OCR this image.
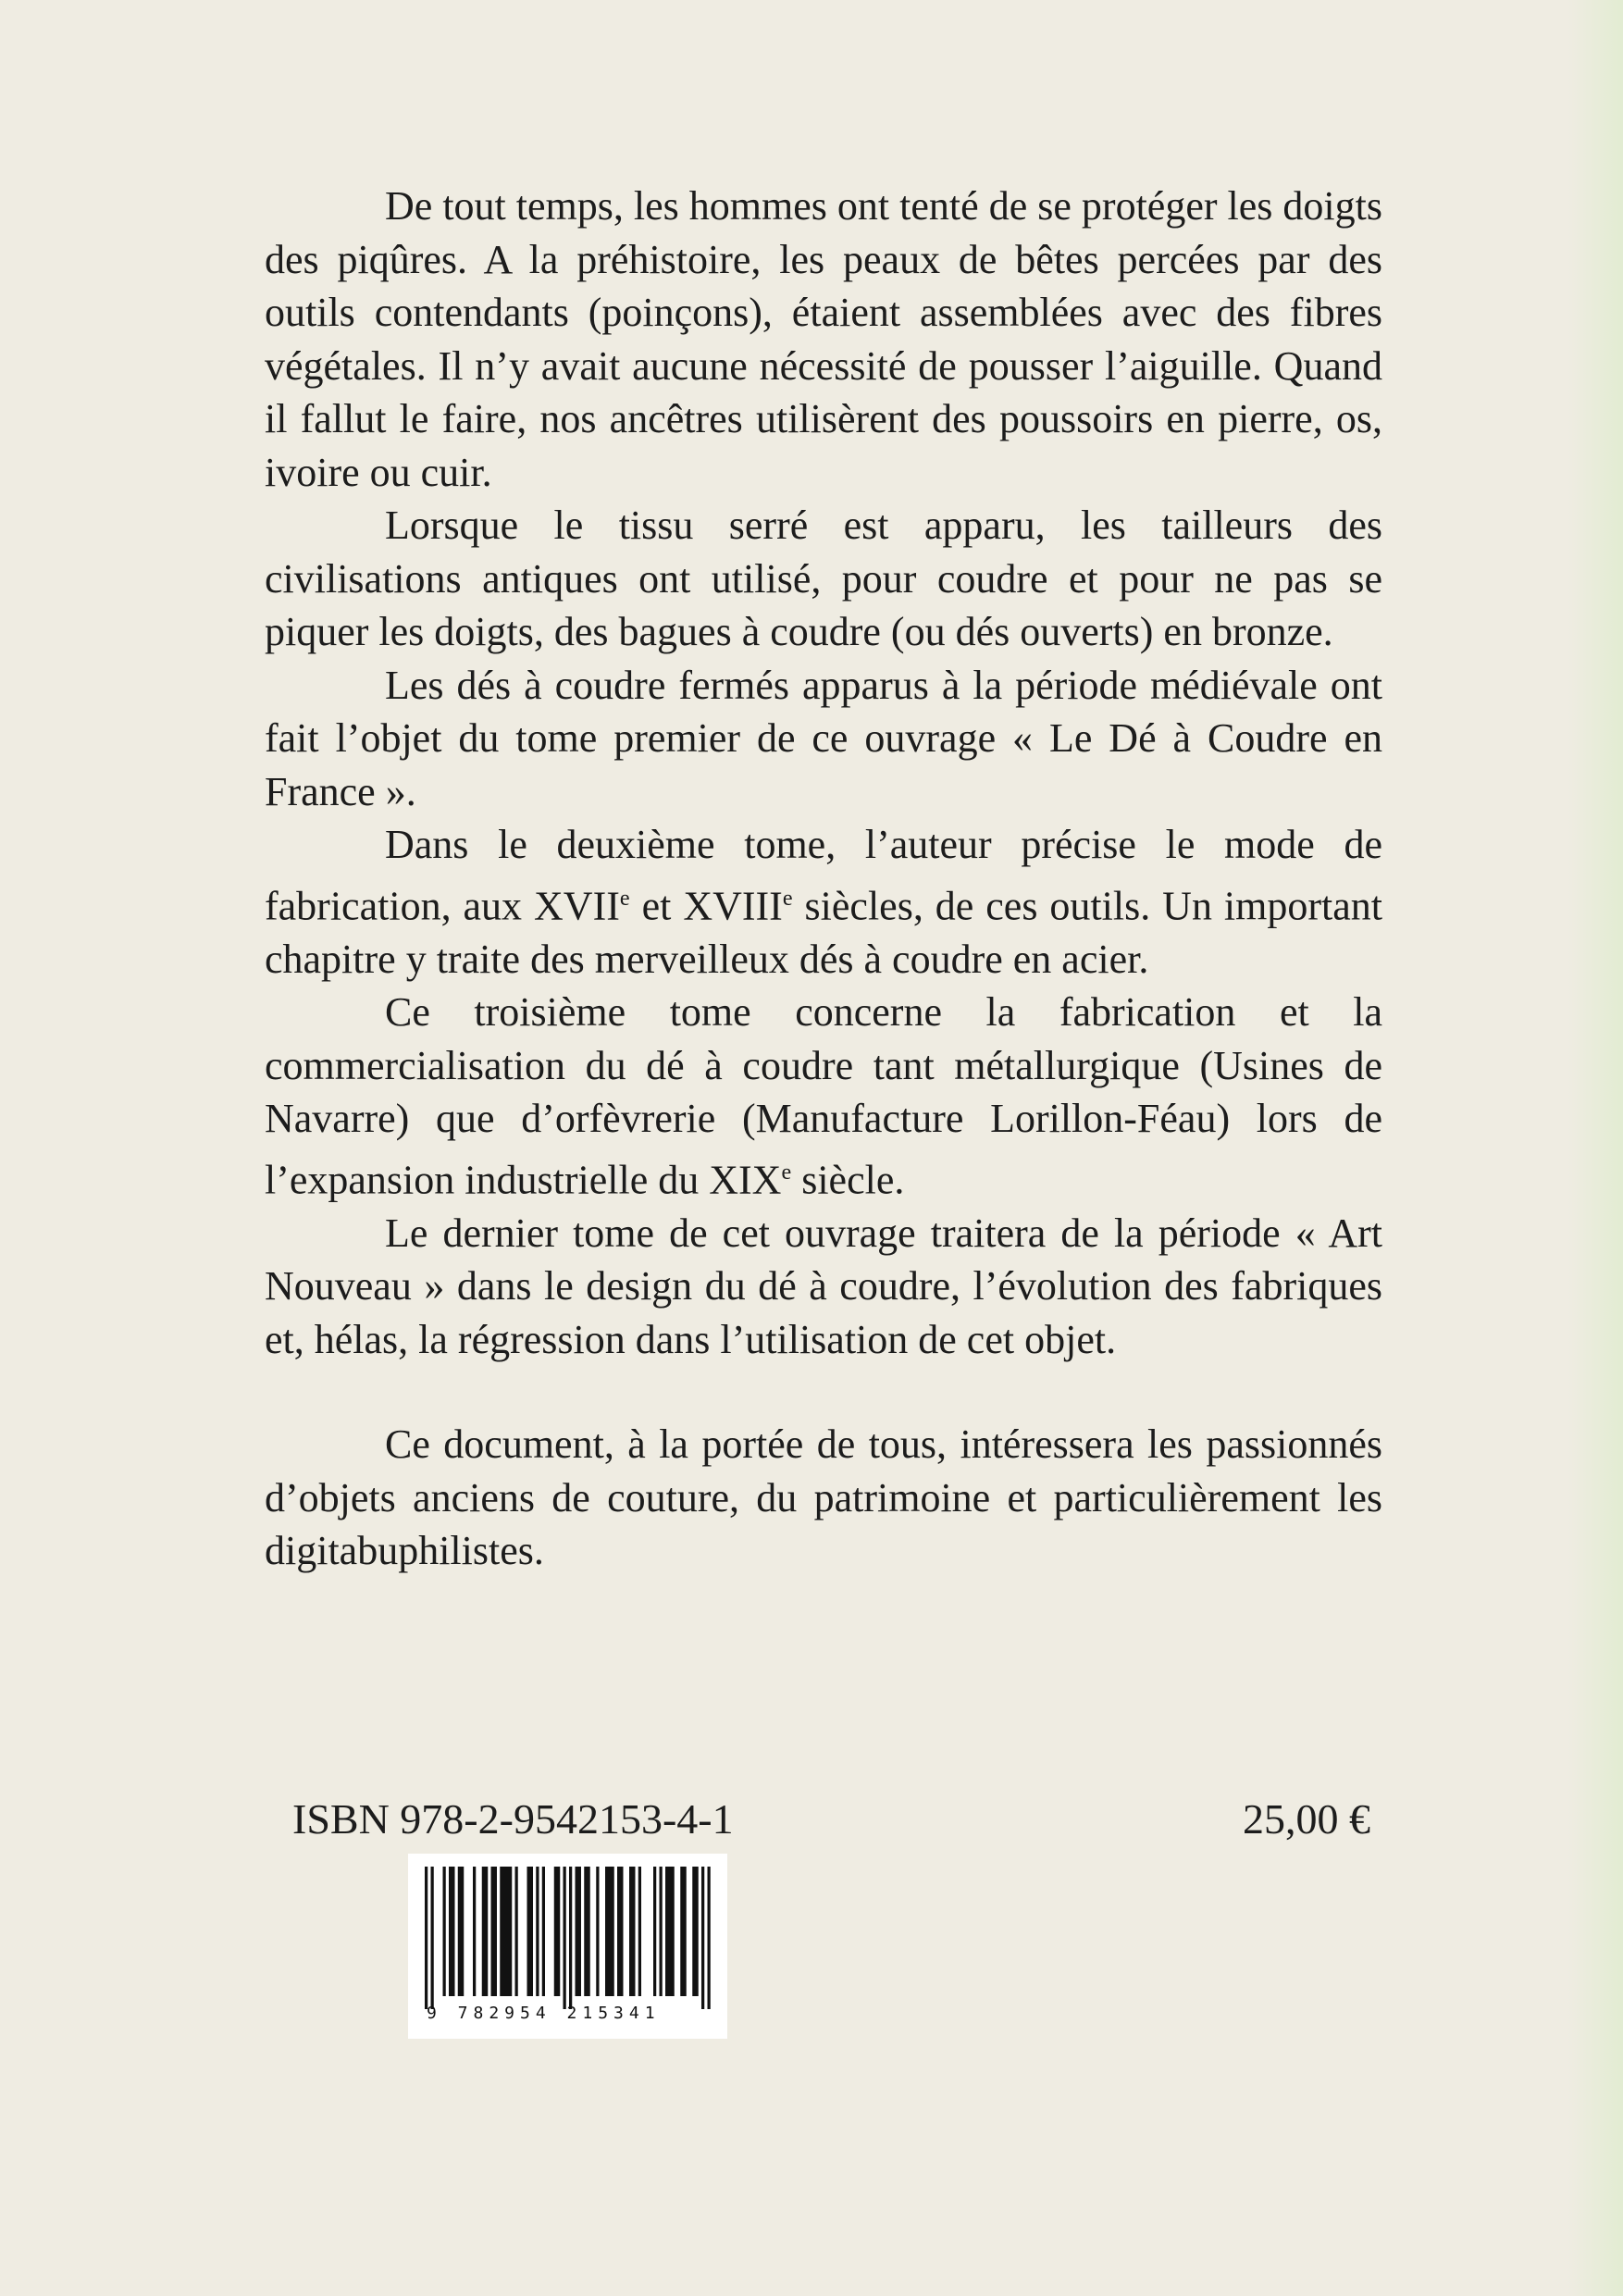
De tout temps, les hommes ont tenté de se protéger les doigts des piqûres. A la préhistoire, les peaux de bêtes percées par des outils contendants (poinçons), étaient assemblées avec des fibres végétales. Il n’y avait aucune nécessité de pousser l’aiguille. Quand il fallut le faire, nos ancêtres utilisèrent des poussoirs en pierre, os, ivoire ou cuir.

Lorsque le tissu serré est apparu, les tailleurs des civilisations antiques ont utilisé, pour coudre et pour ne pas se piquer les doigts, des bagues à coudre (ou dés ouverts) en bronze.

Les dés à coudre fermés apparus à la période médiévale ont fait l’objet du tome premier de ce ouvrage « Le Dé à Coudre en France ».

Dans le deuxième tome, l’auteur précise le mode de fabrication, aux XVIIe et XVIIIe siècles, de ces outils. Un important chapitre y traite des merveilleux dés à coudre en acier.

Ce troisième tome concerne la fabrication et la commercialisation du dé à coudre tant métallurgique (Usines de Navarre) que d’orfèvrerie (Manufacture Lorillon-Féau) lors de l’expansion industrielle du XIXe siècle.

Le dernier tome de cet ouvrage traitera de la période « Art Nouveau » dans le design du dé à coudre, l’évolution des fabriques et, hélas, la régression dans l’utilisation de cet objet.

Ce document, à la portée de tous, intéressera les passionnés d’objets anciens de couture, du patrimoine et particulièrement les digitabuphilistes.

ISBN 978-2-9542153-4-1	25,00 €
9 782954 215341
